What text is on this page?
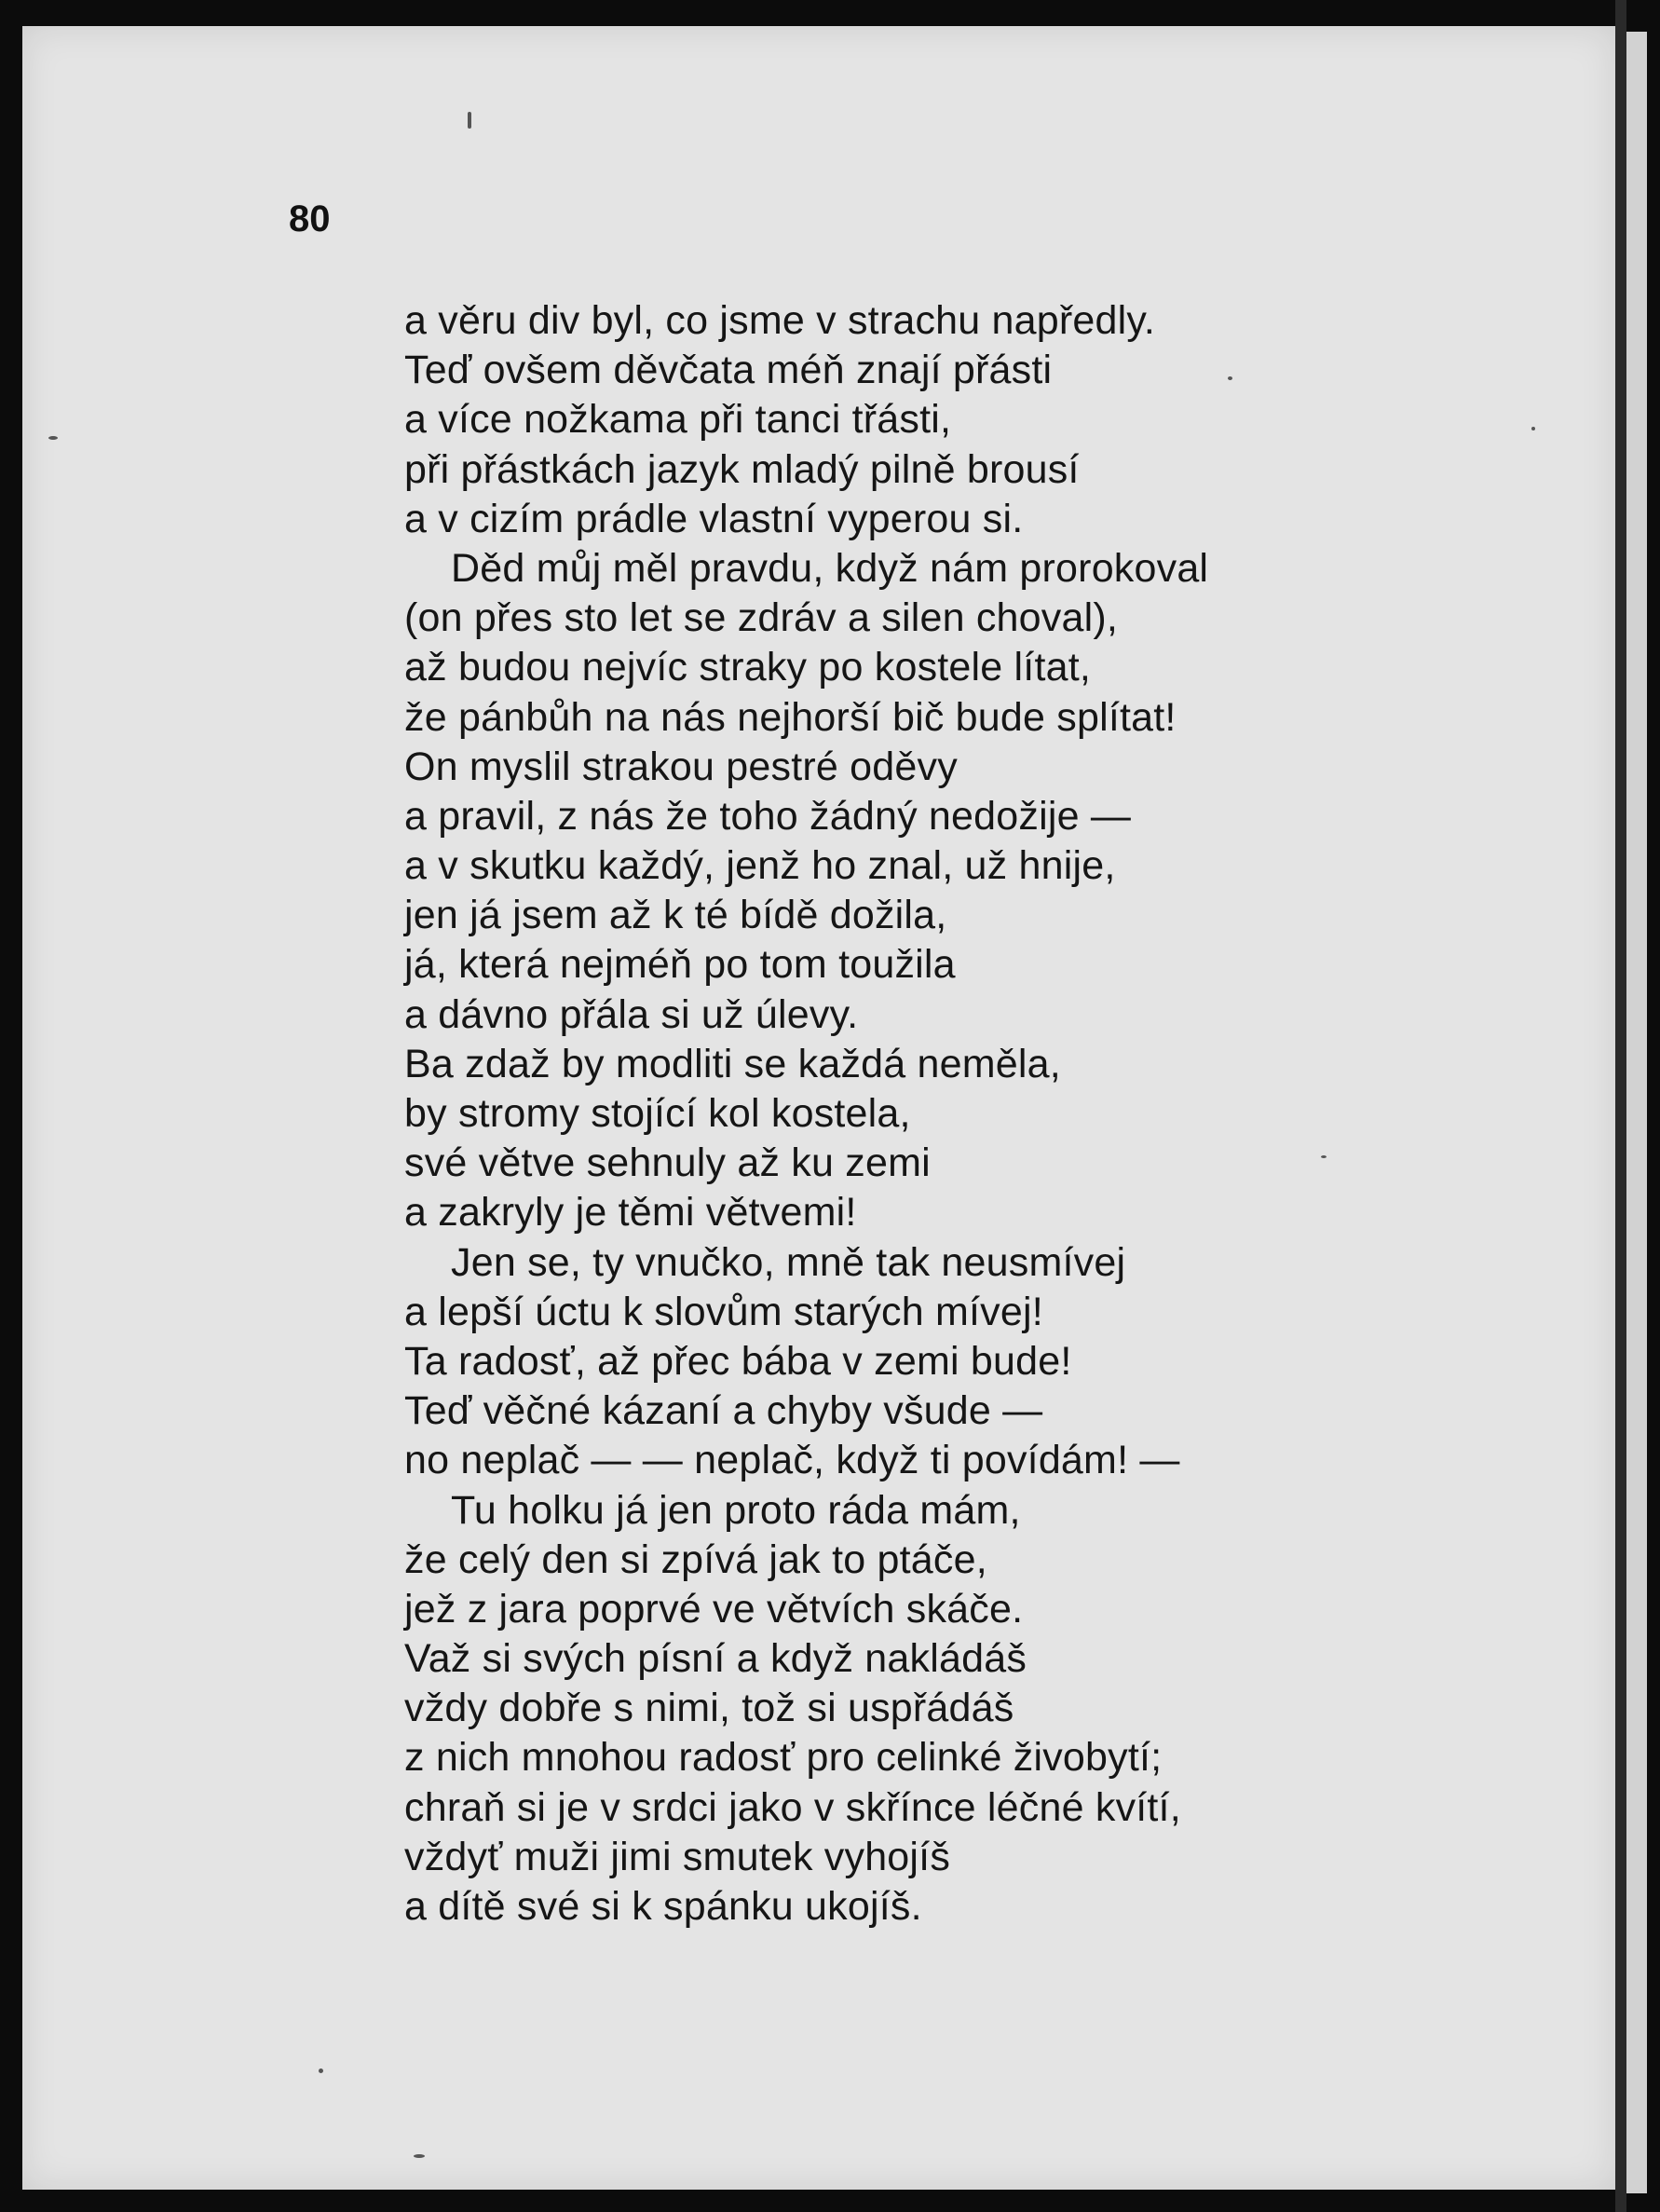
80
a věru div byl, co jsme v strachu napředly.
Teď ovšem děvčata méň znají přásti
a více nožkama při tanci třásti,
při přástkách jazyk mladý pilně brousí
a v cizím prádle vlastní vyperou si.
Děd můj měl pravdu, když nám prorokoval
(on přes sto let se zdráv a silen choval),
až budou nejvíc straky po kostele lítat,
že pánbůh na nás nejhorší bič bude splítat!
On myslil strakou pestré oděvy
a pravil, z nás že toho žádný nedožije —
a v skutku každý, jenž ho znal, už hnije,
jen já jsem až k té bídě dožila,
já, která nejméň po tom toužila
a dávno přála si už úlevy.
Ba zdaž by modliti se každá neměla,
by stromy stojící kol kostela,
své větve sehnuly až ku zemi
a zakryly je těmi větvemi!
Jen se, ty vnučko, mně tak neusmívej
a lepší úctu k slovům starých mívej!
Ta radosť, až přec bába v zemi bude!
Teď věčné kázaní a chyby všude —
no neplač — — neplač, když ti povídám! —
Tu holku já jen proto ráda mám,
že celý den si zpívá jak to ptáče,
jež z jara poprvé ve větvích skáče.
Važ si svých písní a když nakládáš
vždy dobře s nimi, tož si uspřádáš
z nich mnohou radosť pro celinké živobytí;
chraň si je v srdci jako v skřínce léčné kvítí,
vždyť muži jimi smutek vyhojíš
a dítě své si k spánku ukojíš.
